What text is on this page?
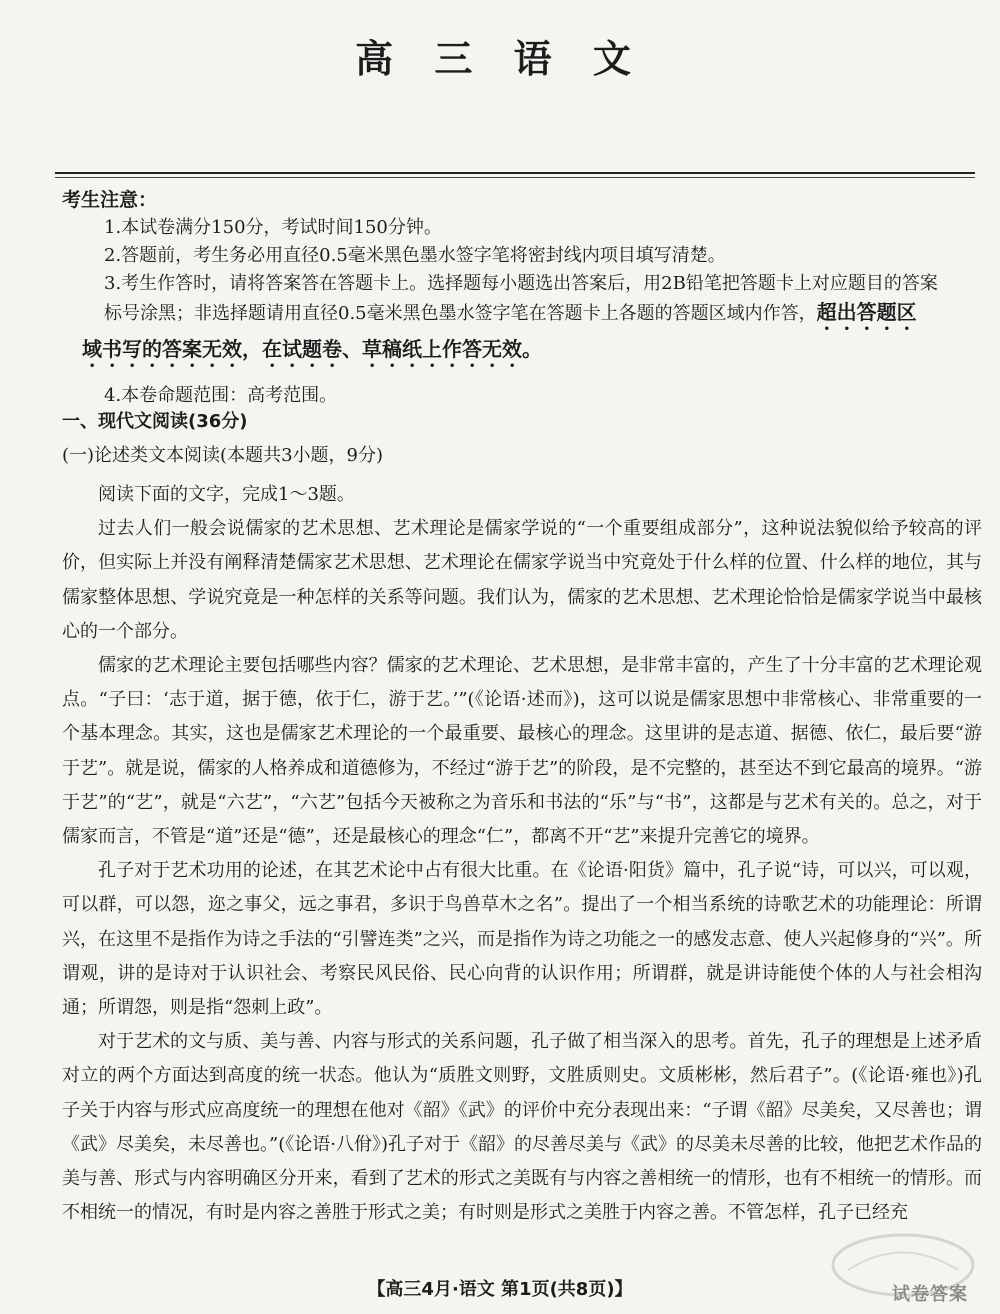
高 三 语 文

考生注意：

1.本试卷满分150分，考试时间150分钟。

2.答题前，考生务必用直径0.5毫米黑色墨水签字笔将密封线内项目填写清楚。

3.考生作答时，请将答案答在答题卡上。选择题每小题选出答案后，用2B铅笔把答题卡上对应题目的答案

标号涂黑；非选择题请用直径0.5毫米黑色墨水签字笔在答题卡上各题的答题区域内作答，超出答题区

域书写的答案无效，在试题卷、草稿纸上作答无效。

4.本卷命题范围：高考范围。

一、现代文阅读(36分)

(一)论述类文本阅读(本题共3小题，9分)

阅读下面的文字，完成1～3题。

过去人们一般会说儒家的艺术思想、艺术理论是儒家学说的“一个重要组成部分”，这种说法貌似给予较高的评价，但实际上并没有阐释清楚儒家艺术思想、艺术理论在儒家学说当中究竟处于什么样的位置、什么样的地位，其与儒家整体思想、学说究竟是一种怎样的关系等问题。我们认为，儒家的艺术思想、艺术理论恰恰是儒家学说当中最核心的一个部分。

儒家的艺术理论主要包括哪些内容？儒家的艺术理论、艺术思想，是非常丰富的，产生了十分丰富的艺术理论观点。“子曰：‘志于道，据于德，依于仁，游于艺。’”(《论语·述而》)，这可以说是儒家思想中非常核心、非常重要的一个基本理念。其实，这也是儒家艺术理论的一个最重要、最核心的理念。这里讲的是志道、据德、依仁，最后要“游于艺”。就是说，儒家的人格养成和道德修为，不经过“游于艺”的阶段，是不完整的，甚至达不到它最高的境界。“游于艺”的“艺”，就是“六艺”，“六艺”包括今天被称之为音乐和书法的“乐”与“书”，这都是与艺术有关的。总之，对于儒家而言，不管是“道”还是“德”，还是最核心的理念“仁”，都离不开“艺”来提升完善它的境界。

孔子对于艺术功用的论述，在其艺术论中占有很大比重。在《论语·阳货》篇中，孔子说“诗，可以兴，可以观，可以群，可以怨，迩之事父，远之事君，多识于鸟兽草木之名”。提出了一个相当系统的诗歌艺术的功能理论：所谓兴，在这里不是指作为诗之手法的“引譬连类”之兴，而是指作为诗之功能之一的感发志意、使人兴起修身的“兴”。所谓观，讲的是诗对于认识社会、考察民风民俗、民心向背的认识作用；所谓群，就是讲诗能使个体的人与社会相沟通；所谓怨，则是指“怨刺上政”。

对于艺术的文与质、美与善、内容与形式的关系问题，孔子做了相当深入的思考。首先，孔子的理想是上述矛盾对立的两个方面达到高度的统一状态。他认为“质胜文则野，文胜质则史。文质彬彬，然后君子”。(《论语·雍也》)孔子关于内容与形式应高度统一的理想在他对《韶》《武》的评价中充分表现出来：“子谓《韶》尽美矣，又尽善也；谓《武》尽美矣，未尽善也。”(《论语·八佾》)孔子对于《韶》的尽善尽美与《武》的尽美未尽善的比较，他把艺术作品的美与善、形式与内容明确区分开来，看到了艺术的形式之美既有与内容之善相统一的情形，也有不相统一的情形。而不相统一的情况，有时是内容之善胜于形式之美；有时则是形式之美胜于内容之善。不管怎样，孔子已经充

【高三4月·语文 第1页(共8页)】	试卷答案
